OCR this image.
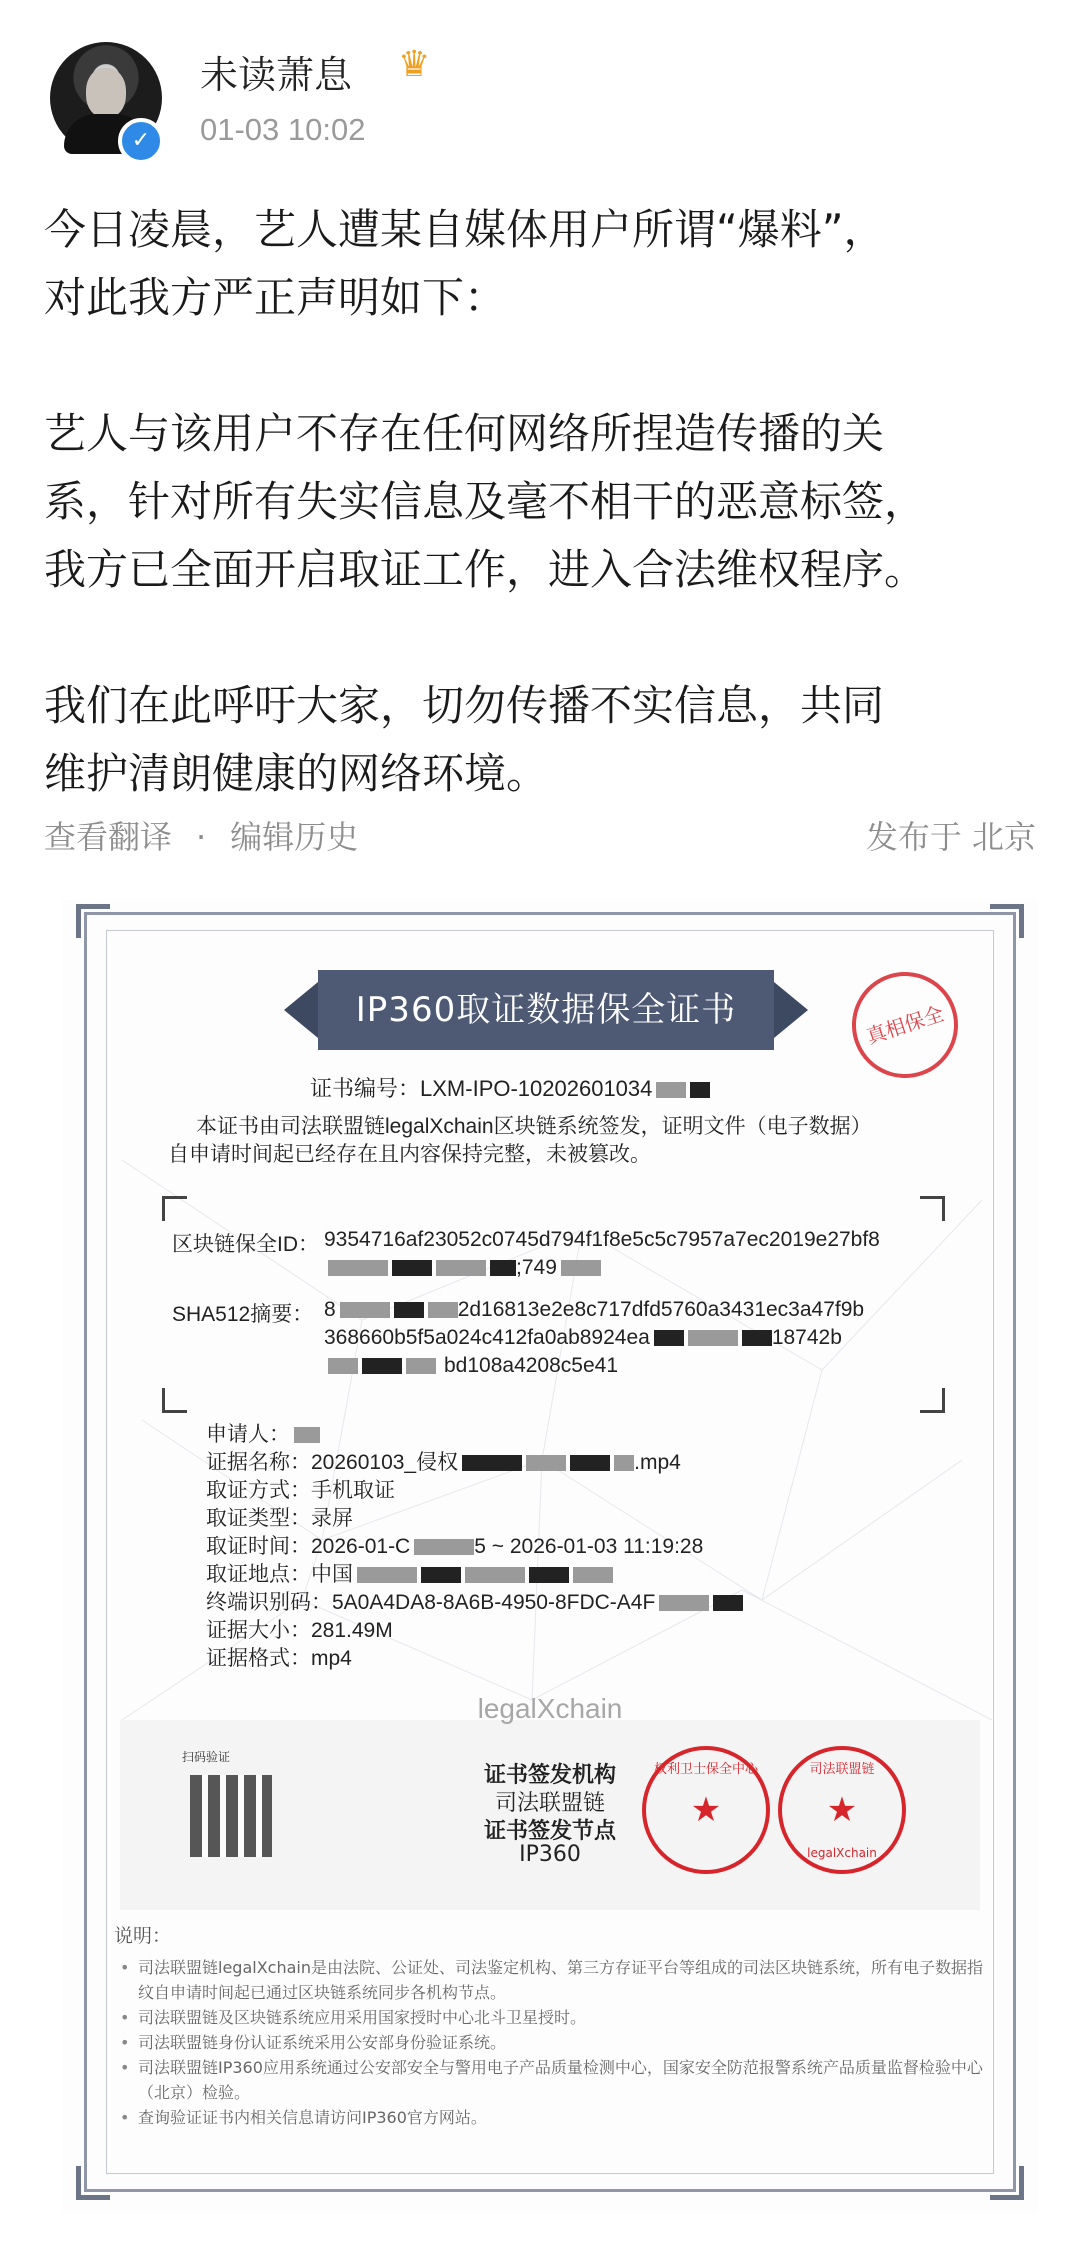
✓
未读萧息 ♛
01-03 10:02

今日凌晨，艺人遭某自媒体用户所谓“爆料”，

对此我方严正声明如下：

艺人与该用户不存在任何网络所捏造传播的关

系，针对所有失实信息及毫不相干的恶意标签，

我方已全面开启取证工作，进入合法维权程序。

我们在此呼吁大家，切勿传播不实信息，共同

维护清朗健康的网络环境。

查看翻译 · 编辑历史	发布于 北京
IP360取证数据保全证书	真相保全
证书编号：LXM-IPO-10202601034
本证书由司法联盟链legalXchain区块链系统签发，证明文件（电子数据）
自申请时间起已经存在且内容保持完整，未被篡改。
区块链保全ID： 9354716af23052c0745d794f1f8e5c5c7957a7ec2019e27bf8
;749
SHA512摘要： 8	2d16813e2e8c717dfd5760a3431ec3a47f9b
368660b5f5a024c412fa0ab8924ea	18742b
bd108a4208c5e41
申请人：
证据名称：20260103_侵权	.mp4
取证方式：手机取证
取证类型：录屏
取证时间：2026-01-C	5 ~ 2026-01-03 11:19:28
取证地点：中国
终端识别码：5A0A4DA8-8A6B-4950-8FDC-A4F
证据大小：281.49M
证据格式：mp4
legalXchain
扫码验证
证书签发机构
司法联盟链
证书签发节点
IP360
权利卫士保全中心
★
司法联盟链
★
legalXchain
说明：
• 司法联盟链legalXchain是由法院、公证处、司法鉴定机构、第三方存证平台等组成的司法区块链系统，所有电子数据指纹自申请时间起已通过区块链系统同步各机构节点。
• 司法联盟链及区块链系统应用采用国家授时中心北斗卫星授时。
• 司法联盟链身份认证系统采用公安部身份验证系统。
• 司法联盟链IP360应用系统通过公安部安全与警用电子产品质量检测中心，国家安全防范报警系统产品质量监督检验中心（北京）检验。
• 查询验证证书内相关信息请访问IP360官方网站。
